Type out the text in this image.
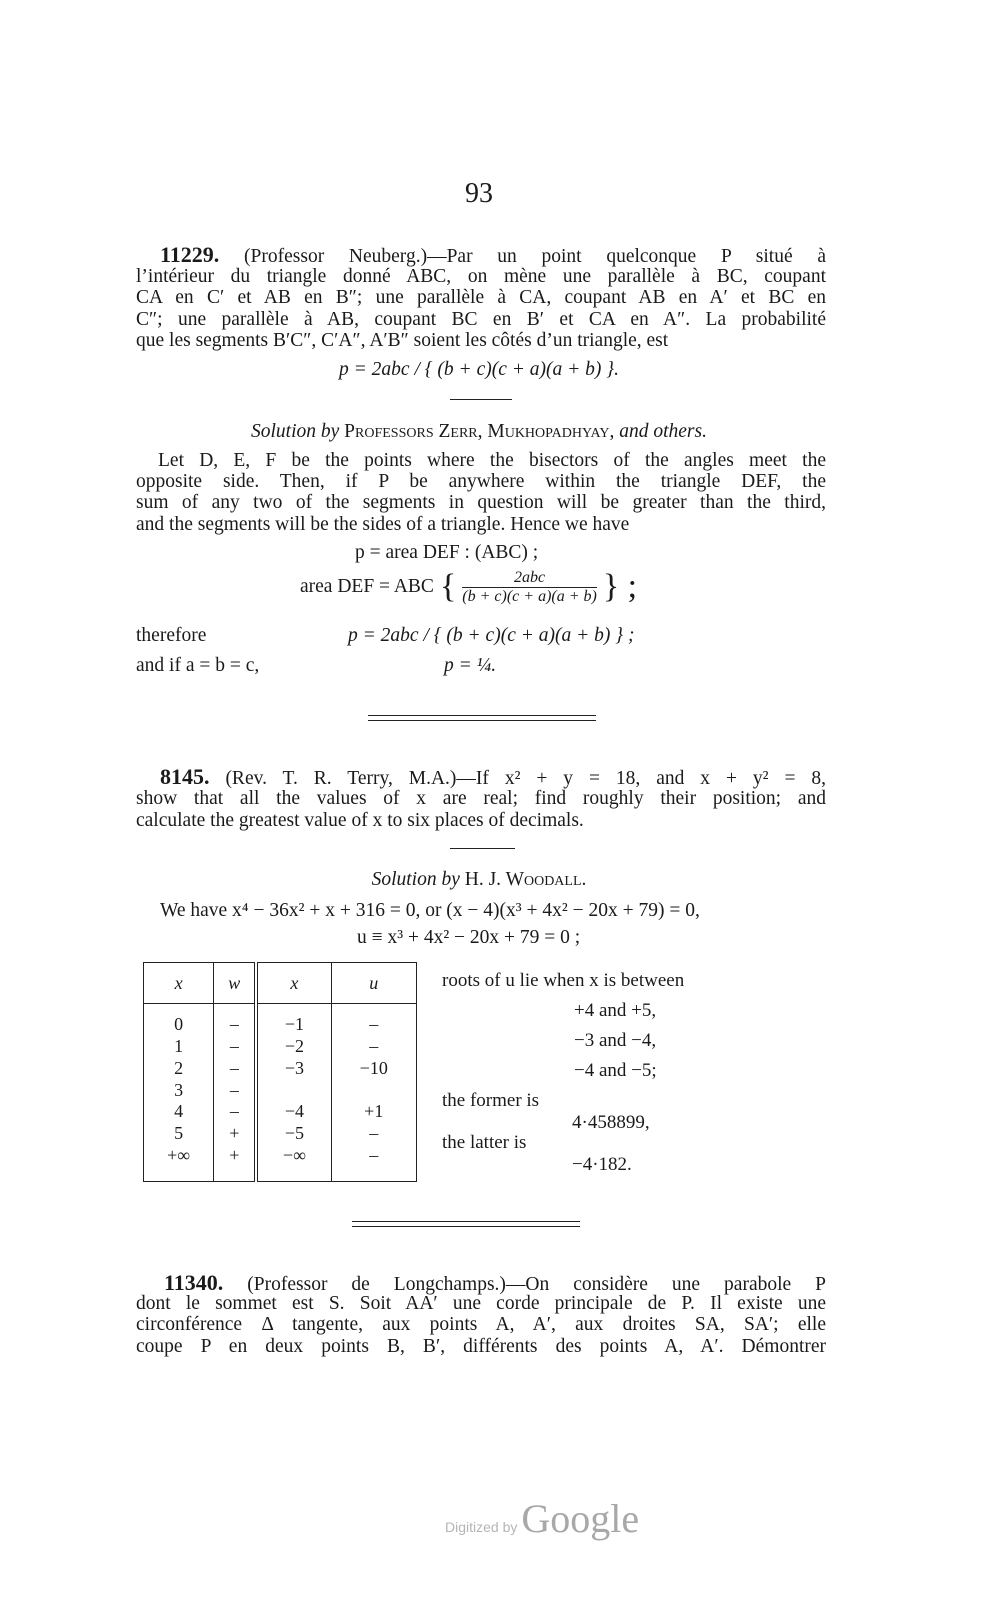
93
11229. (Professor Neuberg.)—Par un point quelconque P situé à
l’intérieur du triangle donné ABC, on mène une parallèle à BC, coupant
CA en C′ et AB en B″; une parallèle à CA, coupant AB en A′ et BC en
C″; une parallèle à AB, coupant BC en B′ et CA en A″. La probabilité
que les segments B′C″, C′A″, A′B″ soient les côtés d’un triangle, est
p = 2abc / { (b + c)(c + a)(a + b) }.
Solution by Professors Zerr, Mukhopadhyay, and others.
Let D, E, F be the points where the bisectors of the angles meet the
opposite side. Then, if P be anywhere within the triangle DEF, the
sum of any two of the segments in question will be greater than the third,
and the segments will be the sides of a triangle. Hence we have
p = area DEF : (ABC) ;
area DEF = ABC {	2abc
(b + c)(c + a)(a + b) } ;
therefore	p = 2abc / { (b + c)(c + a)(a + b) } ;
and if a = b = c,	p = ¼.
8145. (Rev. T. R. Terry, M.A.)—If x² + y = 18, and x + y² = 8,
show that all the values of x are real; find roughly their position; and
calculate the greatest value of x to six places of decimals.
Solution by H. J. Woodall.
We have x⁴ − 36x² + x + 316 = 0, or (x − 4)(x³ + 4x² − 20x + 79) = 0,
u ≡ x³ + 4x² − 20x + 79 = 0 ;
x	w	x	u

0	–	−1	–
1	–	−2	–
2	–	−3	−10
3	–		
4	–	−4	+1
5	+	−5	–
+∞	+	−∞	–

roots of u lie when x is between
+4 and +5,
−3 and −4,
−4 and −5;
the former is
4·458899,
the latter is
−4·182.
11340. (Professor de Longchamps.)—On considère une parabole P
dont le sommet est S. Soit AA′ une corde principale de P. Il existe une
circonférence Δ tangente, aux points A, A′, aux droites SA, SA′; elle
coupe P en deux points B, B′, différents des points A, A′. Démontrer
Digitized by Google
